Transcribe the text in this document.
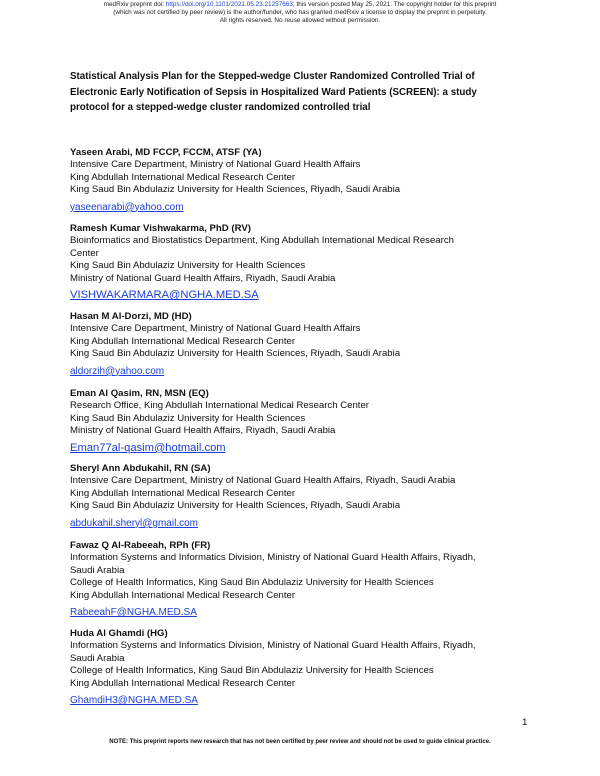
medRxiv preprint doi: https://doi.org/10.1101/2021.05.23.21257663; this version posted May 25, 2021. The copyright holder for this preprint
(which was not certified by peer review) is the author/funder, who has granted medRxiv a license to display the preprint in perpetuity.
All rights reserved. No reuse allowed without permission.
Statistical Analysis Plan for the Stepped-wedge Cluster Randomized Controlled Trial of
Electronic Early Notification of Sepsis in Hospitalized Ward Patients (SCREEN): a study
protocol for a stepped-wedge cluster randomized controlled trial
Yaseen Arabi, MD FCCP, FCCM, ATSF (YA)
Intensive Care Department, Ministry of National Guard Health Affairs
King Abdullah International Medical Research Center
King Saud Bin Abdulaziz University for Health Sciences, Riyadh, Saudi Arabia
yaseenarabi@yahoo.com
Ramesh Kumar Vishwakarma, PhD (RV)
Bioinformatics and Biostatistics Department, King Abdullah International Medical Research
Center
King Saud Bin Abdulaziz University for Health Sciences
Ministry of National Guard Health Affairs, Riyadh, Saudi Arabia
VISHWAKARMARA@NGHA.MED.SA
Hasan M Al-Dorzi, MD (HD)
Intensive Care Department, Ministry of National Guard Health Affairs
King Abdullah International Medical Research Center
King Saud Bin Abdulaziz University for Health Sciences, Riyadh, Saudi Arabia
aldorzih@yahoo.com
Eman Al Qasim, RN, MSN (EQ)
Research Office, King Abdullah International Medical Research Center
King Saud Bin Abdulaziz University for Health Sciences
Ministry of National Guard Health Affairs, Riyadh, Saudi Arabia
Eman77al-qasim@hotmail.com
Sheryl Ann Abdukahil, RN (SA)
Intensive Care Department, Ministry of National Guard Health Affairs, Riyadh, Saudi Arabia
King Abdullah International Medical Research Center
King Saud Bin Abdulaziz University for Health Sciences, Riyadh, Saudi Arabia
abdukahil.sheryl@gmail.com
Fawaz Q Al-Rabeeah, RPh (FR)
Information Systems and Informatics Division, Ministry of National Guard Health Affairs, Riyadh,
Saudi Arabia
College of Health Informatics, King Saud Bin Abdulaziz University for Health Sciences
King Abdullah International Medical Research Center
RabeeahF@NGHA.MED.SA
Huda Al Ghamdi (HG)
Information Systems and Informatics Division, Ministry of National Guard Health Affairs, Riyadh,
Saudi Arabia
College of Health Informatics, King Saud Bin Abdulaziz University for Health Sciences
King Abdullah International Medical Research Center
GhamdiH3@NGHA.MED.SA
1
NOTE: This preprint reports new research that has not been certified by peer review and should not be used to guide clinical practice.
